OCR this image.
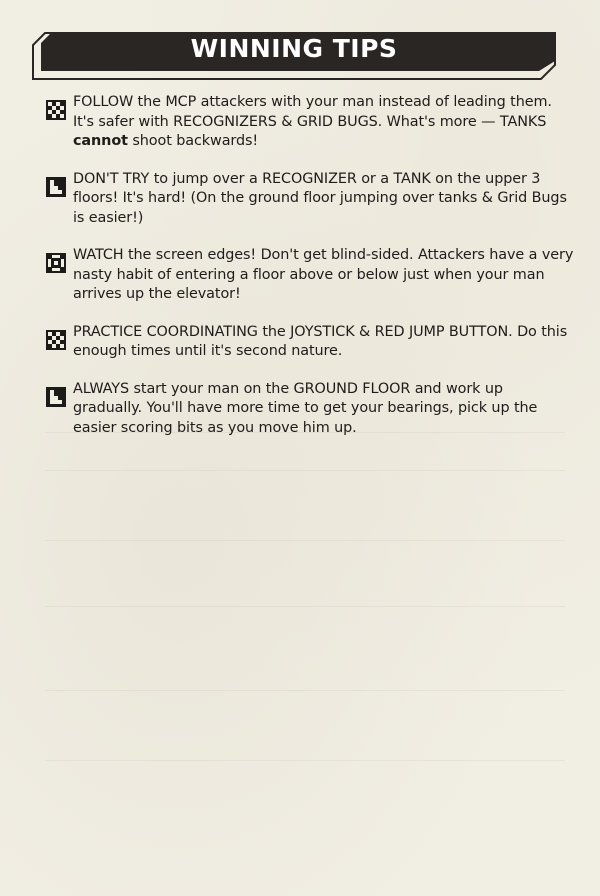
WINNING TIPS
FOLLOW the MCP attackers with your man instead of leading them. It's safer with RECOGNIZERS & GRID BUGS. What's more — TANKS cannot shoot backwards!
DON'T TRY to jump over a RECOGNIZER or a TANK on the upper 3 floors! It's hard! (On the ground floor jumping over tanks & Grid Bugs is easier!)
WATCH the screen edges! Don't get blind-sided. Attackers have a very nasty habit of entering a floor above or below just when your man arrives up the elevator!
PRACTICE COORDINATING the JOYSTICK & RED JUMP BUTTON. Do this enough times until it's second nature.
ALWAYS start your man on the GROUND FLOOR and work up gradually. You'll have more time to get your bearings, pick up the easier scoring bits as you move him up.
